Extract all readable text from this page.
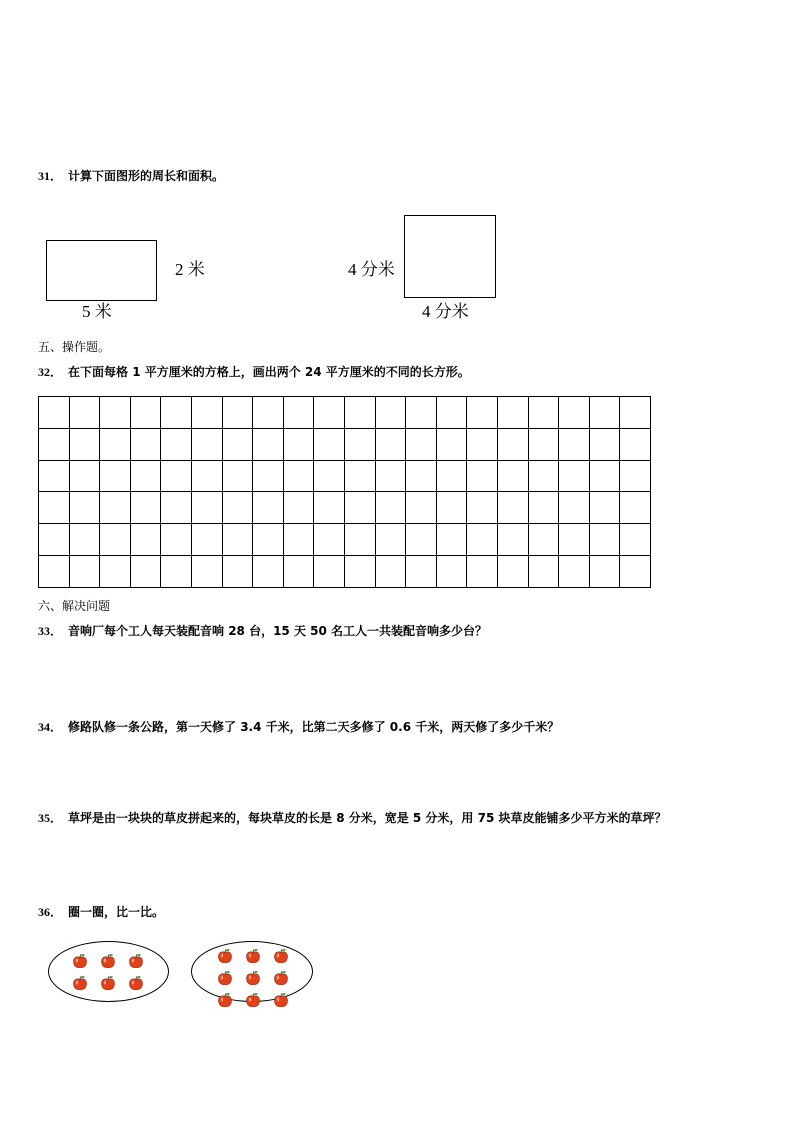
31． 计算下面图形的周长和面积。
5 米
2 米	4 分米
4 分米
五、操作题。
32． 在下面每格 1 平方厘米的方格上，画出两个 24 平方厘米的不同的长方形。

六、解决问题
33． 音响厂每个工人每天装配音响 28 台，15 天 50 名工人一共装配音响多少台？
34． 修路队修一条公路，第一天修了 3.4 千米，比第二天多修了 0.6 千米，两天修了多少千米？
35． 草坪是由一块块的草皮拼起来的，每块草皮的长是 8 分米，宽是 5 分米，用 75 块草皮能铺多少平方米的草坪？
36． 圈一圈，比一比。
